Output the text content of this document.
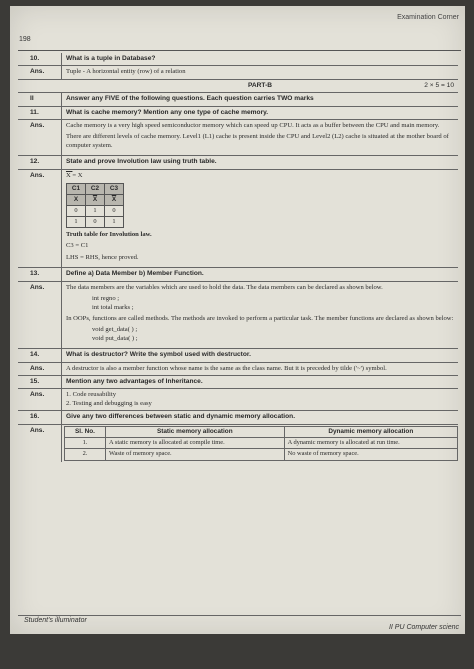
Examination Corner
198
10.	What is a tuple in Database?
Ans.	Tuple - A horizontal entity (row) of a relation
PART-B	2 × 5 = 10
II	Answer any FIVE of the following questions. Each question carries TWO marks
11.	What is cache memory? Mention any one type of cache memory.
Ans.	Cache memory is a very high speed semiconductor memory which can speed up CPU. It acts as a buffer between the CPU and main memory.

There are different levels of cache memory. Level1 (L1) cache is present inside the CPU and Level2 (L2) cache is situated at the mother board of computer system.

12.	State and prove Involution law using truth table.
Ans.	X = X

C1	C2	C3
X	$\overline{X}$	X
0	1	0
1	0	1

Truth table for Involution law.

C3 = C1

LHS = RHS, hence proved.

13.	Define a) Data Member b) Member Function.
Ans.	The data members are the variables which are used to hold the data. The data members can be declared as shown below.

int regno ;

int total marks ;

In OOPs, functions are called methods. The methods are invoked to perform a particular task. The member functions are declared as shown below:

void get_data( ) ;

void put_data( ) ;

14.	What is destructor? Write the symbol used with destructor.
Ans.	A destructor is also a member function whose name is the same as the class name. But it is preceded by tilde ('~') symbol.
15.	Mention any two advantages of Inheritance.
Ans.	1. Code reusability

2. Testing and debugging is easy

16.	Give any two differences between static and dynamic memory allocation.
Ans.	Sl. No.	Static memory allocation	Dynamic memory allocation
1.	A static memory is allocated at compile time.	A dynamic memory is allocated at run time.
2.	Waste of memory space.	No waste of memory space.
Student's illuminator
II PU Computer scienc
